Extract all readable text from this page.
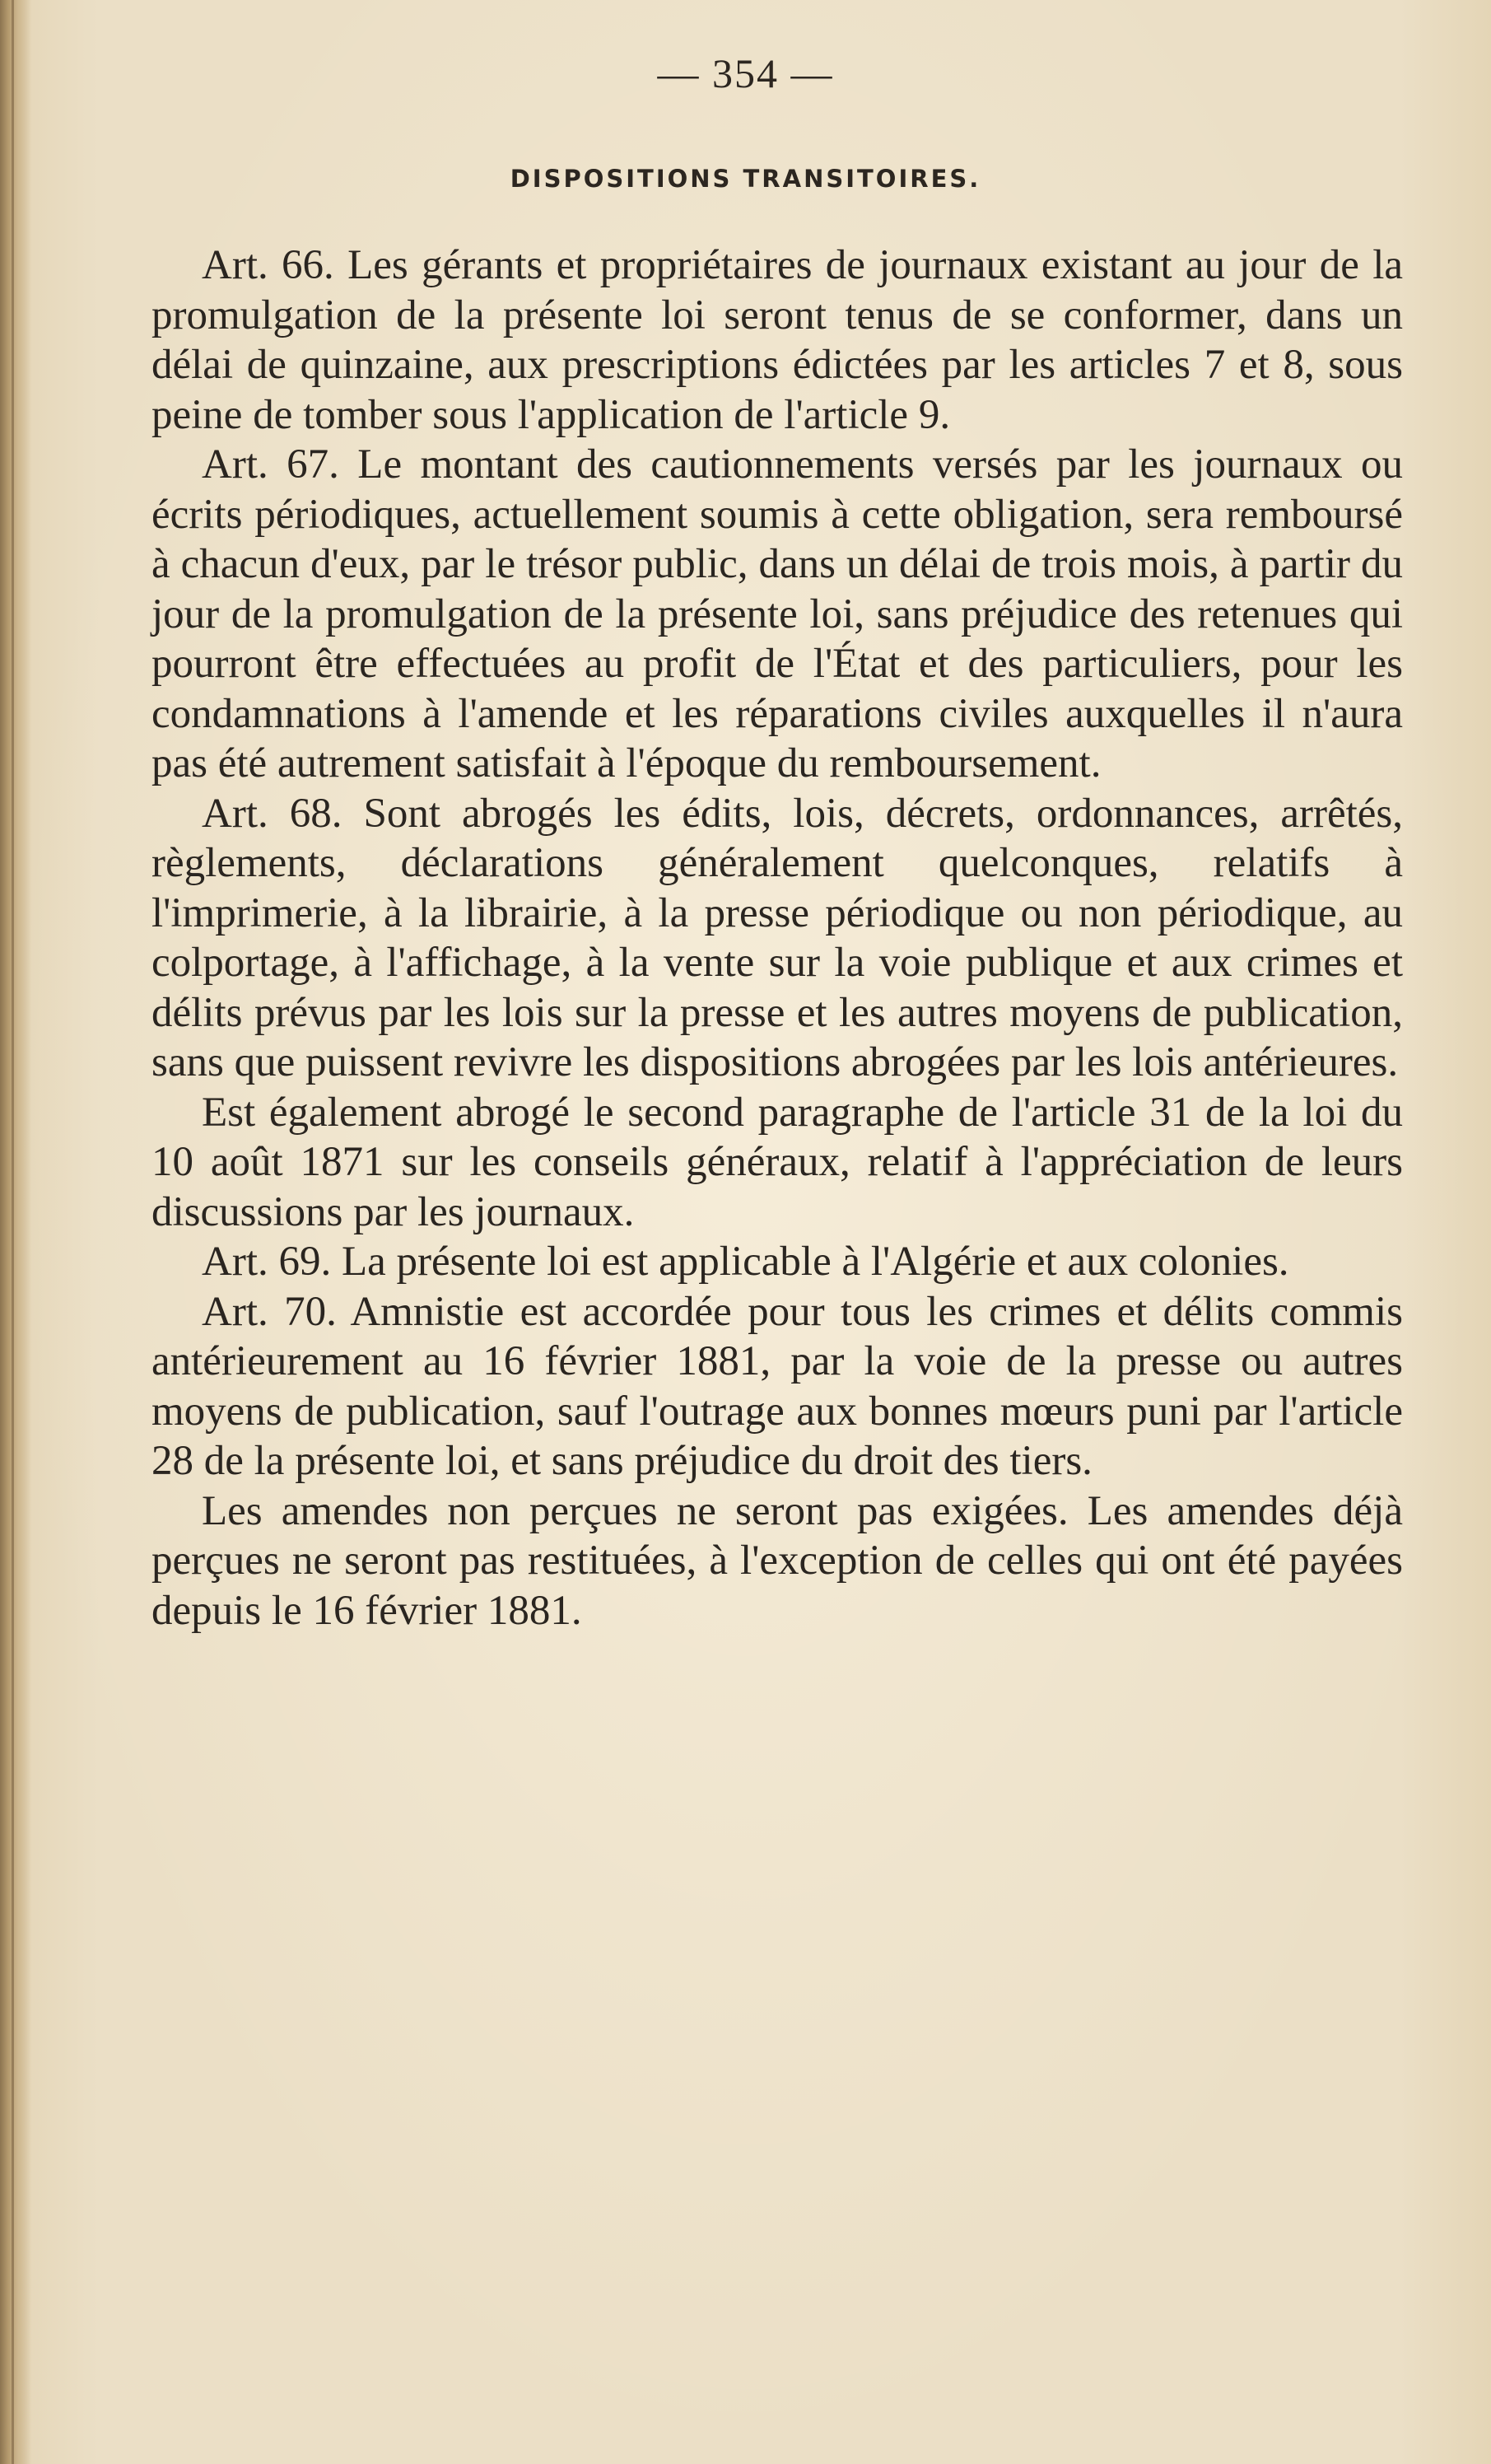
— 354 —
DISPOSITIONS TRANSITOIRES.

Art. 66. Les gérants et propriétaires de journaux existant au jour de la promulgation de la présente loi seront tenus de se conformer, dans un délai de quinzaine, aux prescriptions édictées par les articles 7 et 8, sous peine de tomber sous l'application de l'article 9.

Art. 67. Le montant des cautionnements versés par les journaux ou écrits périodiques, actuellement soumis à cette obligation, sera remboursé à chacun d'eux, par le trésor public, dans un délai de trois mois, à partir du jour de la promulgation de la présente loi, sans préjudice des retenues qui pourront être effectuées au profit de l'État et des particuliers, pour les condamnations à l'amende et les réparations civiles auxquelles il n'aura pas été autrement satisfait à l'époque du remboursement.

Art. 68. Sont abrogés les édits, lois, décrets, ordonnances, arrêtés, règlements, déclarations généralement quelconques, relatifs à l'imprimerie, à la librairie, à la presse périodique ou non périodique, au colportage, à l'affichage, à la vente sur la voie publique et aux crimes et délits prévus par les lois sur la presse et les autres moyens de publication, sans que puissent revivre les dispositions abrogées par les lois antérieures.

Est également abrogé le second paragraphe de l'article 31 de la loi du 10 août 1871 sur les conseils généraux, relatif à l'appréciation de leurs discussions par les journaux.

Art. 69. La présente loi est applicable à l'Algérie et aux colonies.

Art. 70. Amnistie est accordée pour tous les crimes et délits commis antérieurement au 16 février 1881, par la voie de la presse ou autres moyens de publication, sauf l'outrage aux bonnes mœurs puni par l'article 28 de la présente loi, et sans préjudice du droit des tiers.

Les amendes non perçues ne seront pas exigées. Les amendes déjà perçues ne seront pas restituées, à l'exception de celles qui ont été payées depuis le 16 février 1881.
